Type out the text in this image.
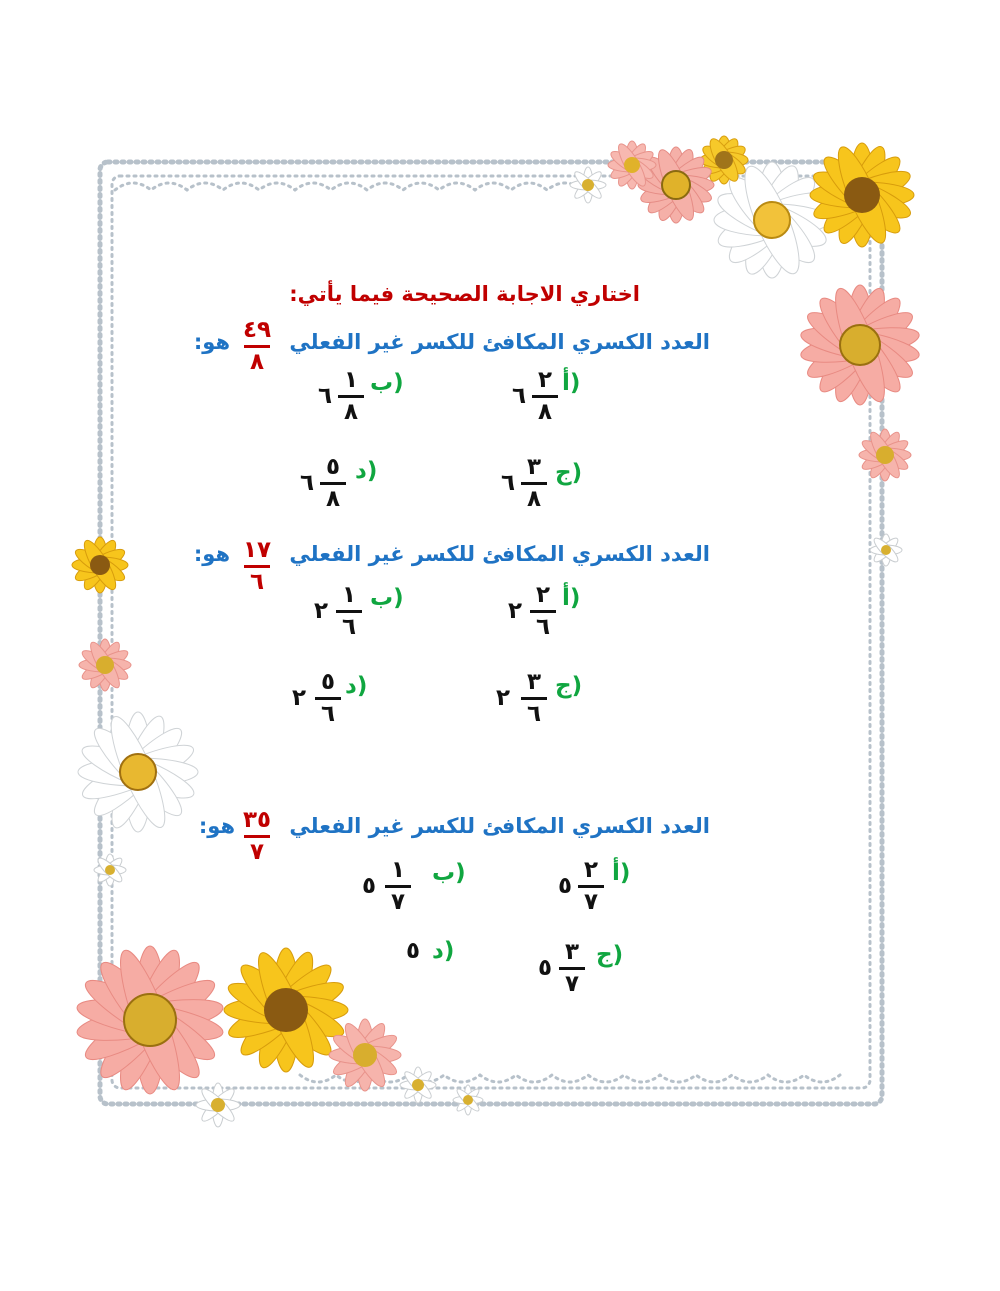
اختاري الاجابة الصحيحة فيما يأتي:
العدد الكسري المكافئ للكسر غير الفعلي
٤٩
٨
هو:
أ)
٢
٨
٦
ب)
١
٨
٦
ج)
٣
٨
٦
د)
٥
٨
٦
العدد الكسري المكافئ للكسر غير الفعلي
١٧
٦
هو:
أ)
٢
٦
٢
ب)
١
٦
٢
ج)
٣
٦
٢
د)
٥
٦
٢
العدد الكسري المكافئ للكسر غير الفعلي
٣٥
٧
هو:
أ)
٢
٧
٥
ب)
١
٧
٥
ج)
٣
٧
٥
د)
٥
